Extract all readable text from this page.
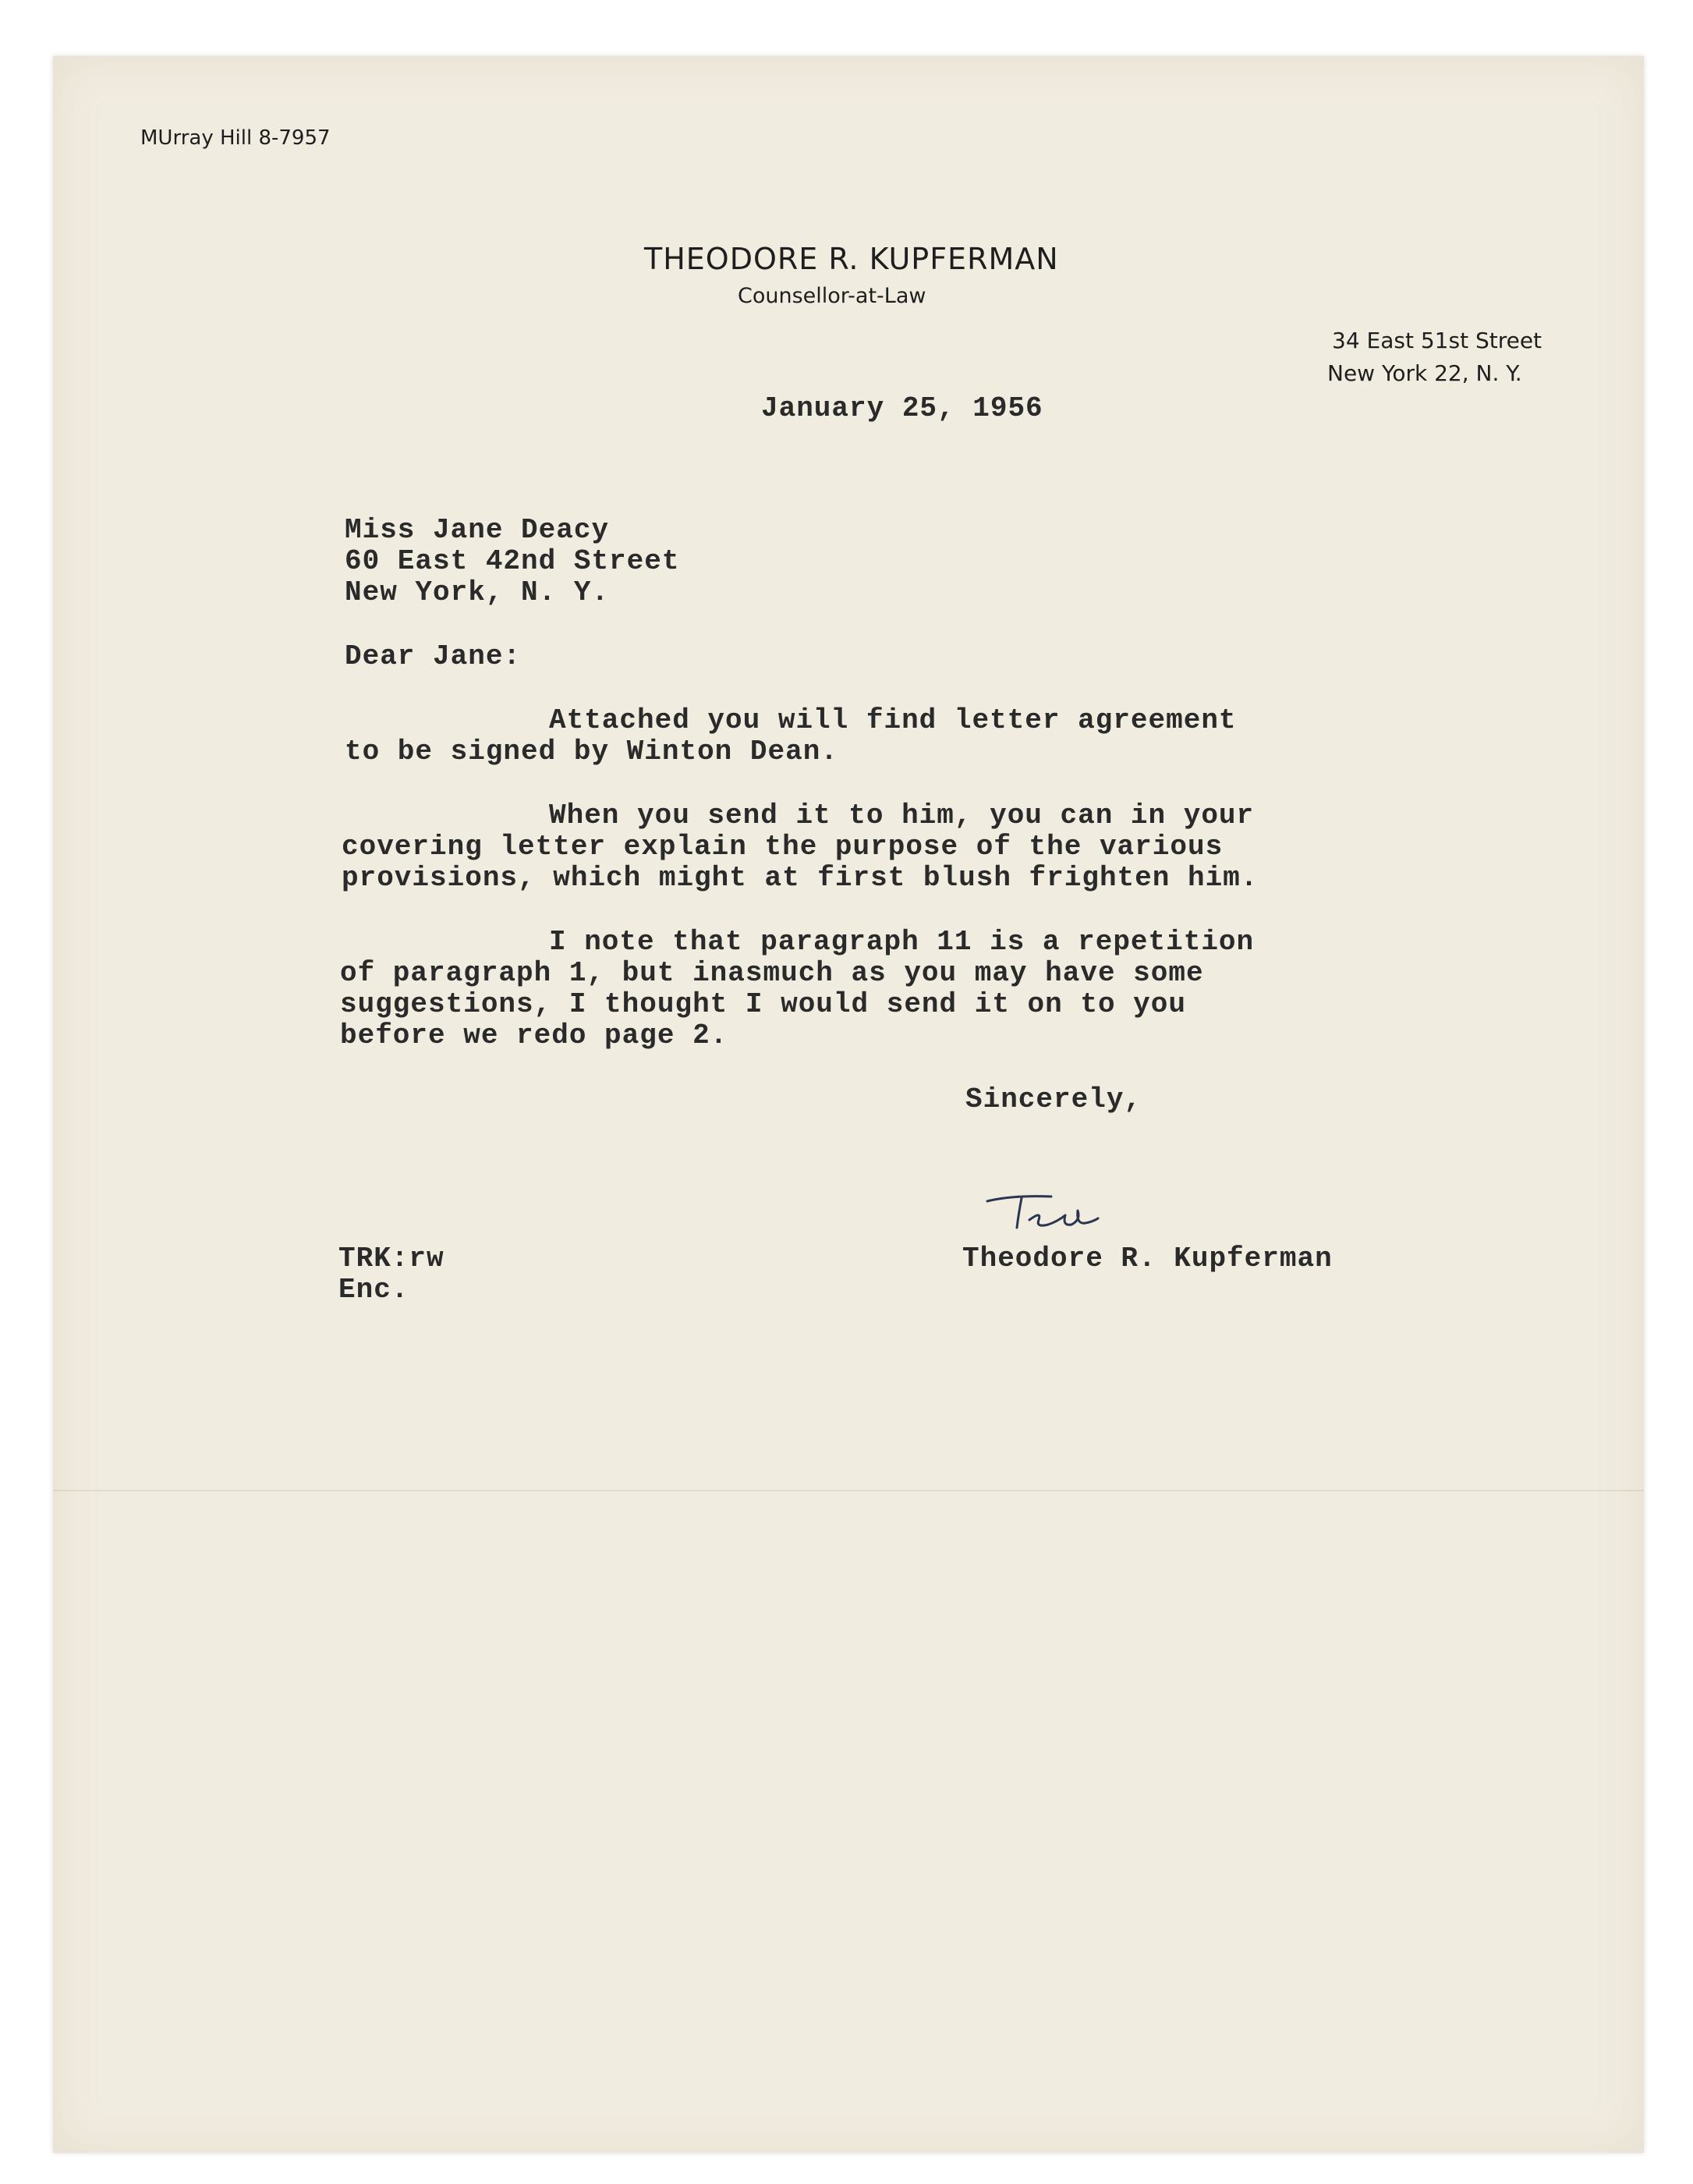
MUrray Hill 8-7957
THEODORE R. KUPFERMAN
Counsellor-at-Law
34 East 51st Street
New York 22, N. Y.
January 25, 1956
Miss Jane Deacy
60 East 42nd Street
New York, N. Y.
Dear Jane:
Attached you will find letter agreement
to be signed by Winton Dean.
When you send it to him, you can in your
covering letter explain the purpose of the various
provisions, which might at first blush frighten him.
I note that paragraph 11 is a repetition
of paragraph 1, but inasmuch as you may have some
suggestions, I thought I would send it on to you
before we redo page 2.
Sincerely,
Theodore R. Kupferman
TRK:rw
Enc.
